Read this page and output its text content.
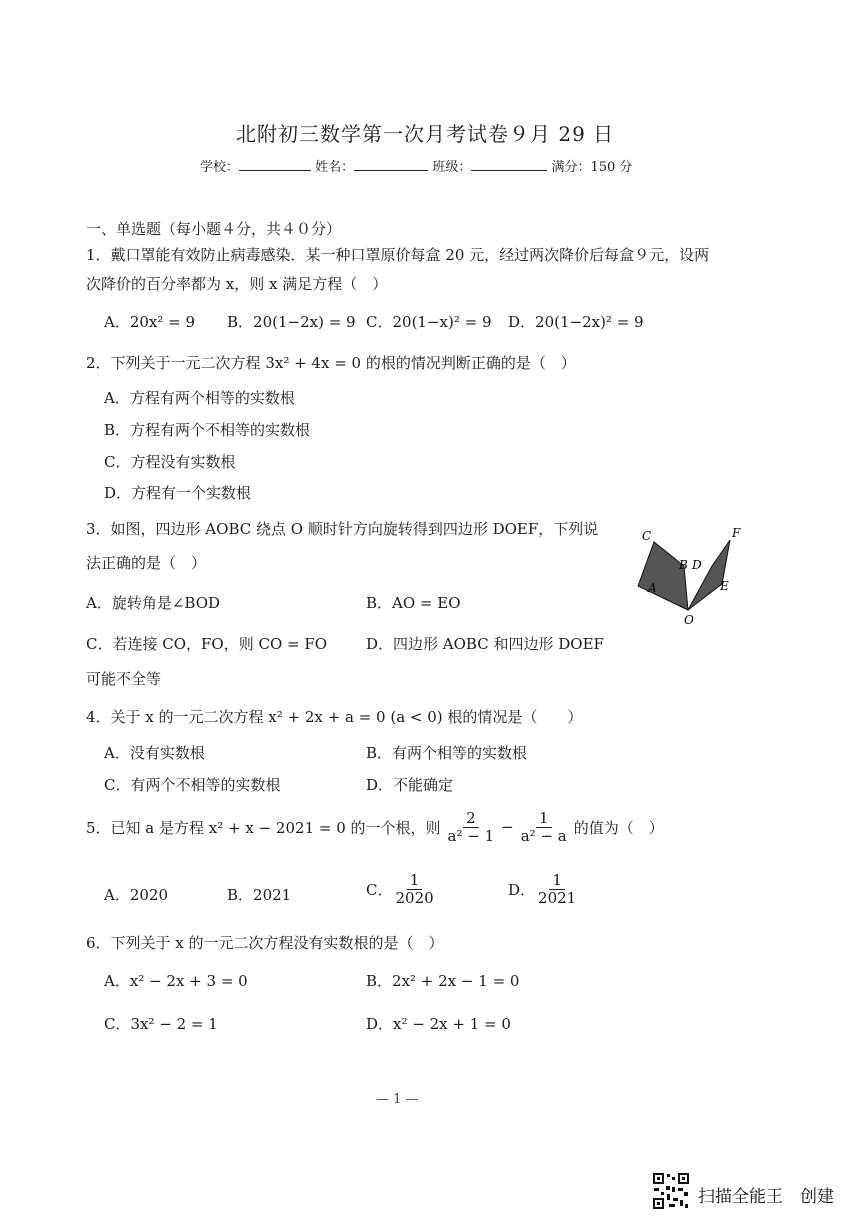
北附初三数学第一次月考试卷９月 29 日
学校：	姓名：	班级：	满分：150 分
一、单选题（每小题４分，共４０分）
1．戴口罩能有效防止病毒感染．某一种口罩原价每盒 20 元，经过两次降价后每盒９元，设两
次降价的百分率都为 x，则 x 满足方程（　）
A．20x² = 9 B．20(1−2x) = 9 C．20(1−x)² = 9 D．20(1−2x)² = 9
2．下列关于一元二次方程 3x² + 4x = 0 的根的情况判断正确的是（　）
A．方程有两个相等的实数根
B．方程有两个不相等的实数根
C．方程没有实数根
D．方程有一个实数根
3．如图，四边形 AOBC 绕点 O 顺时针方向旋转得到四边形 DOEF，下列说
法正确的是（　）
A．旋转角是∠BOD	B．AO = EO
C．若连接 CO，FO，则 CO = FO	D．四边形 AOBC 和四边形 DOEF
可能不全等
C
B D
F
A	E
O
4．关于 x 的一元二次方程 x² + 2x + a = 0 (a < 0) 根的情况是（　　）
A．没有实数根	B．有两个相等的实数根
C．有两个不相等的实数根	D．不能确定
5．已知 a 是方程 x² + x − 2021 = 0 的一个根，则 $\frac{2}{\text{a² − 1}} - \frac{1}{\text{a² − a}}$ 的值为（　）
A．2020	B．2021	C． $\frac{1}{2020}$	D． $\frac{1}{2021}$
6．下列关于 x 的一元二次方程没有实数根的是（　）
A．x² − 2x + 3 = 0	B．2x² + 2x − 1 = 0
C．3x² − 2 = 1	D．x² − 2x + 1 = 0
— 1 —
扫描全能王　创建
